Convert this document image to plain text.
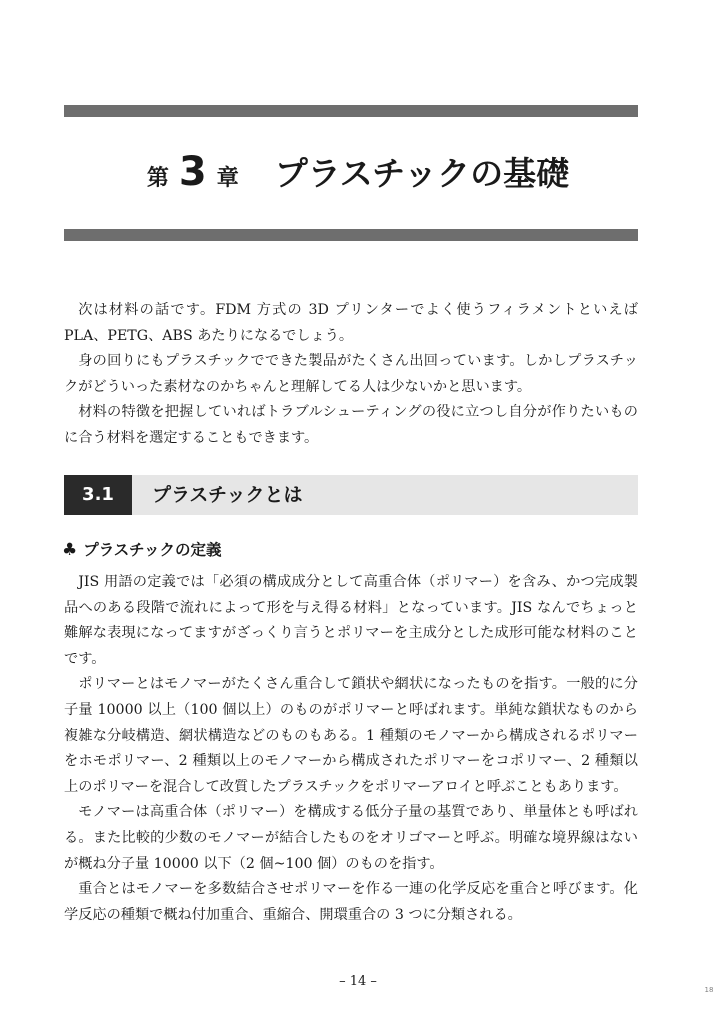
第 3 章 プラスチックの基礎

次は材料の話です。FDM 方式の 3D プリンターでよく使うフィラメントといえば PLA、PETG、ABS あたりになるでしょう。

身の回りにもプラスチックでできた製品がたくさん出回っています。しかしプラスチックがどういった素材なのかちゃんと理解してる人は少ないかと思います。

材料の特徴を把握していればトラブルシューティングの役に立つし自分が作りたいものに合う材料を選定することもできます。

3.1	プラスチックとは
♣ プラスチックの定義

JIS 用語の定義では「必須の構成成分として高重合体（ポリマー）を含み、かつ完成製品へのある段階で流れによって形を与え得る材料」となっています。JIS なんでちょっと難解な表現になってますがざっくり言うとポリマーを主成分とした成形可能な材料のことです。

ポリマーとはモノマーがたくさん重合して鎖状や網状になったものを指す。一般的に分子量 10000 以上（100 個以上）のものがポリマーと呼ばれます。単純な鎖状なものから複雑な分岐構造、網状構造などのものもある。1 種類のモノマーから構成されるポリマーをホモポリマー、2 種類以上のモノマーから構成されたポリマーをコポリマー、2 種類以上のポリマーを混合して改質したプラスチックをポリマーアロイと呼ぶこともあります。

モノマーは高重合体（ポリマー）を構成する低分子量の基質であり、単量体とも呼ばれる。また比較的少数のモノマーが結合したものをオリゴマーと呼ぶ。明確な境界線はないが概ね分子量 10000 以下（2 個~100 個）のものを指す。

重合とはモノマーを多数結合させポリマーを作る一連の化学反応を重合と呼びます。化学反応の種類で概ね付加重合、重縮合、開環重合の 3 つに分類される。

– 14 –
18
